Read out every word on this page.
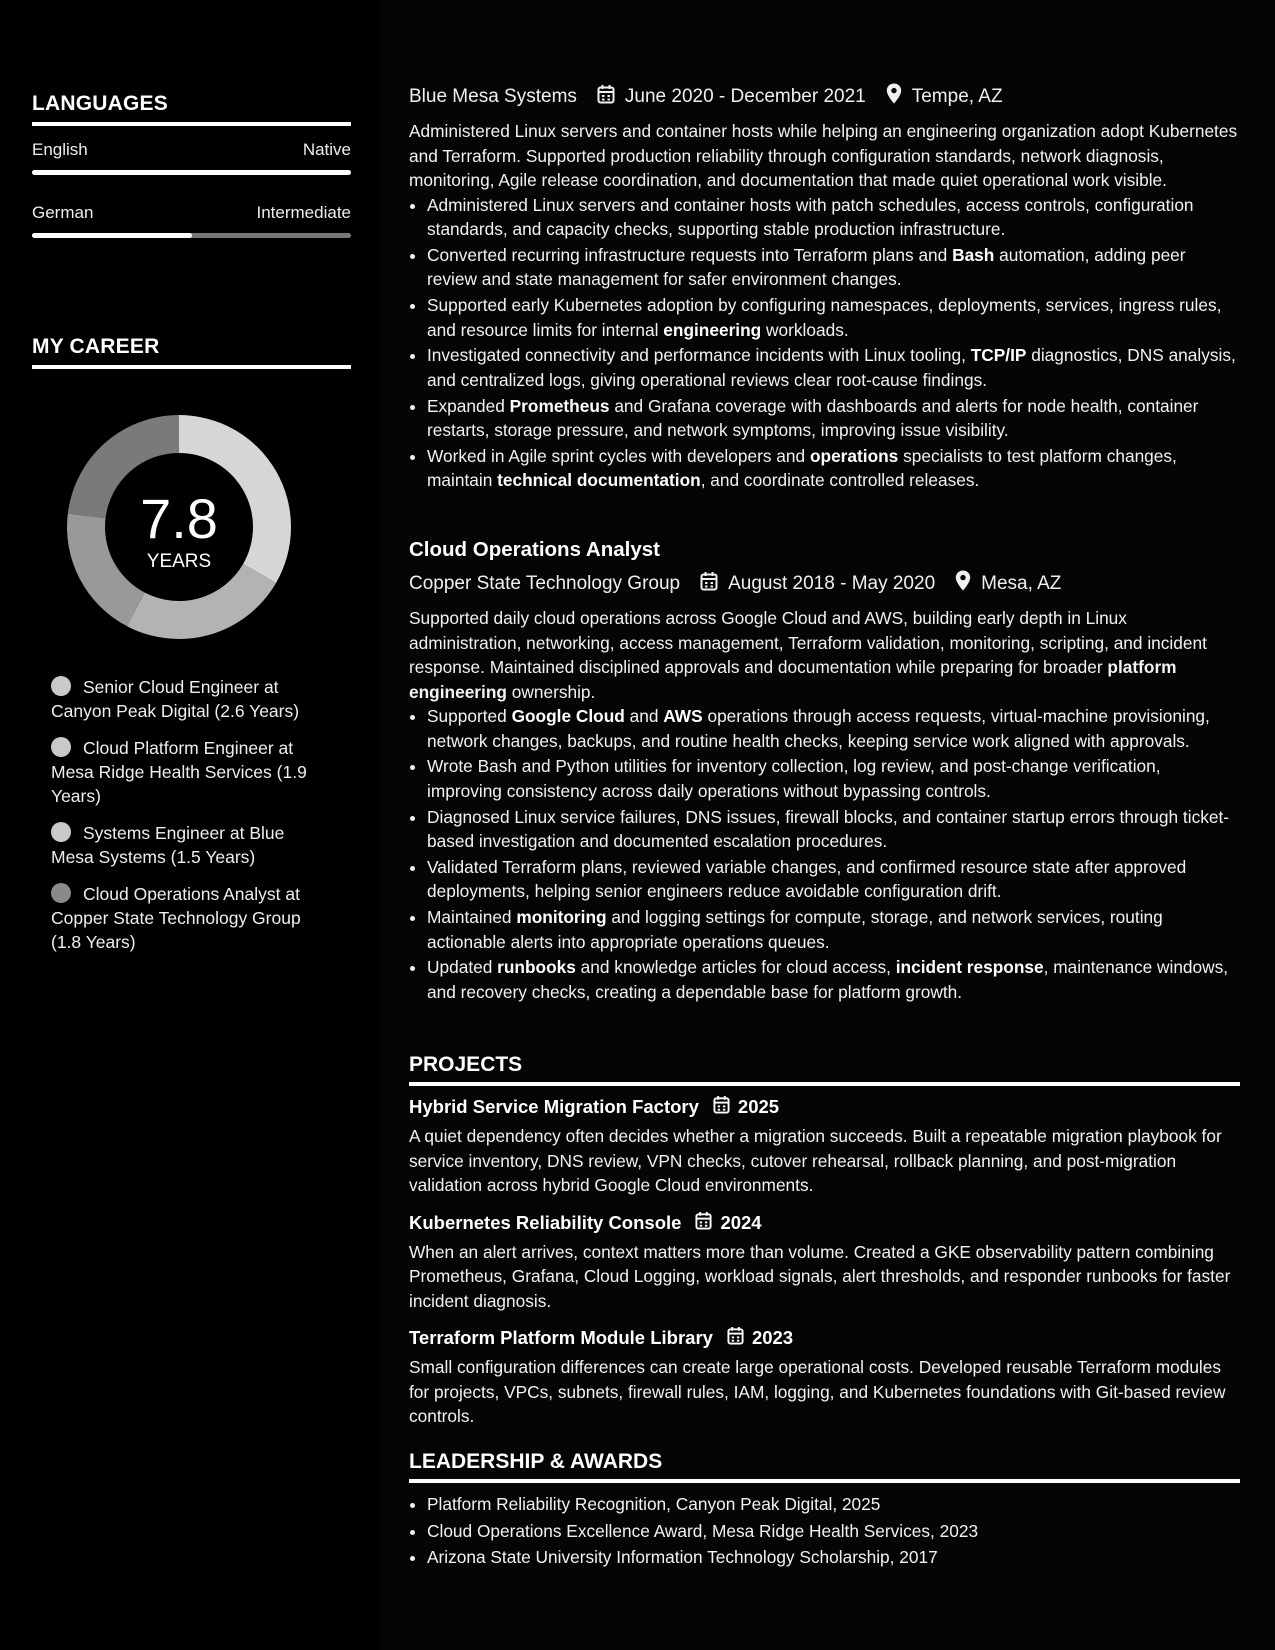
LANGUAGES
English	Native
German	Intermediate
MY CAREER
7.8
YEARS
Senior Cloud Engineer at Canyon Peak Digital (2.6 Years)
Cloud Platform Engineer at Mesa Ridge Health Services (1.9 Years)
Systems Engineer at Blue Mesa Systems (1.5 Years)
Cloud Operations Analyst at Copper State Technology Group (1.8 Years)
Blue Mesa Systems	June 2020 - December 2021 Tempe, AZ

Administered Linux servers and container hosts while helping an engineering organization adopt Kubernetes and Terraform. Supported production reliability through configuration standards, network diagnosis, monitoring, Agile release coordination, and documentation that made quiet operational work visible.

• Administered Linux servers and container hosts with patch schedules, access controls, configuration standards, and capacity checks, supporting stable production infrastructure.
• Converted recurring infrastructure requests into Terraform plans and Bash automation, adding peer review and state management for safer environment changes.
• Supported early Kubernetes adoption by configuring namespaces, deployments, services, ingress rules, and resource limits for internal engineering workloads.
• Investigated connectivity and performance incidents with Linux tooling, TCP/IP diagnostics, DNS analysis, and centralized logs, giving operational reviews clear root-cause findings.
• Expanded Prometheus and Grafana coverage with dashboards and alerts for node health, container restarts, storage pressure, and network symptoms, improving issue visibility.
• Worked in Agile sprint cycles with developers and operations specialists to test platform changes, maintain technical documentation, and coordinate controlled releases.
Cloud Operations Analyst
Copper State Technology Group	August 2018 - May 2020 Mesa, AZ

Supported daily cloud operations across Google Cloud and AWS, building early depth in Linux administration, networking, access management, Terraform validation, monitoring, scripting, and incident response. Maintained disciplined approvals and documentation while preparing for broader platform engineering ownership.

• Supported Google Cloud and AWS operations through access requests, virtual-machine provisioning, network changes, backups, and routine health checks, keeping service work aligned with approvals.
• Wrote Bash and Python utilities for inventory collection, log review, and post-change verification, improving consistency across daily operations without bypassing controls.
• Diagnosed Linux service failures, DNS issues, firewall blocks, and container startup errors through ticket-based investigation and documented escalation procedures.
• Validated Terraform plans, reviewed variable changes, and confirmed resource state after approved deployments, helping senior engineers reduce avoidable configuration drift.
• Maintained monitoring and logging settings for compute, storage, and network services, routing actionable alerts into appropriate operations queues.
• Updated runbooks and knowledge articles for cloud access, incident response, maintenance windows, and recovery checks, creating a dependable base for platform growth.
PROJECTS
Hybrid Service Migration Factory 2025

A quiet dependency often decides whether a migration succeeds. Built a repeatable migration playbook for service inventory, DNS review, VPN checks, cutover rehearsal, rollback planning, and post-migration validation across hybrid Google Cloud environments.

Kubernetes Reliability Console 2024

When an alert arrives, context matters more than volume. Created a GKE observability pattern combining Prometheus, Grafana, Cloud Logging, workload signals, alert thresholds, and responder runbooks for faster incident diagnosis.

Terraform Platform Module Library 2023

Small configuration differences can create large operational costs. Developed reusable Terraform modules for projects, VPCs, subnets, firewall rules, IAM, logging, and Kubernetes foundations with Git-based review controls.

LEADERSHIP & AWARDS
• Platform Reliability Recognition, Canyon Peak Digital, 2025
• Cloud Operations Excellence Award, Mesa Ridge Health Services, 2023
• Arizona State University Information Technology Scholarship, 2017
